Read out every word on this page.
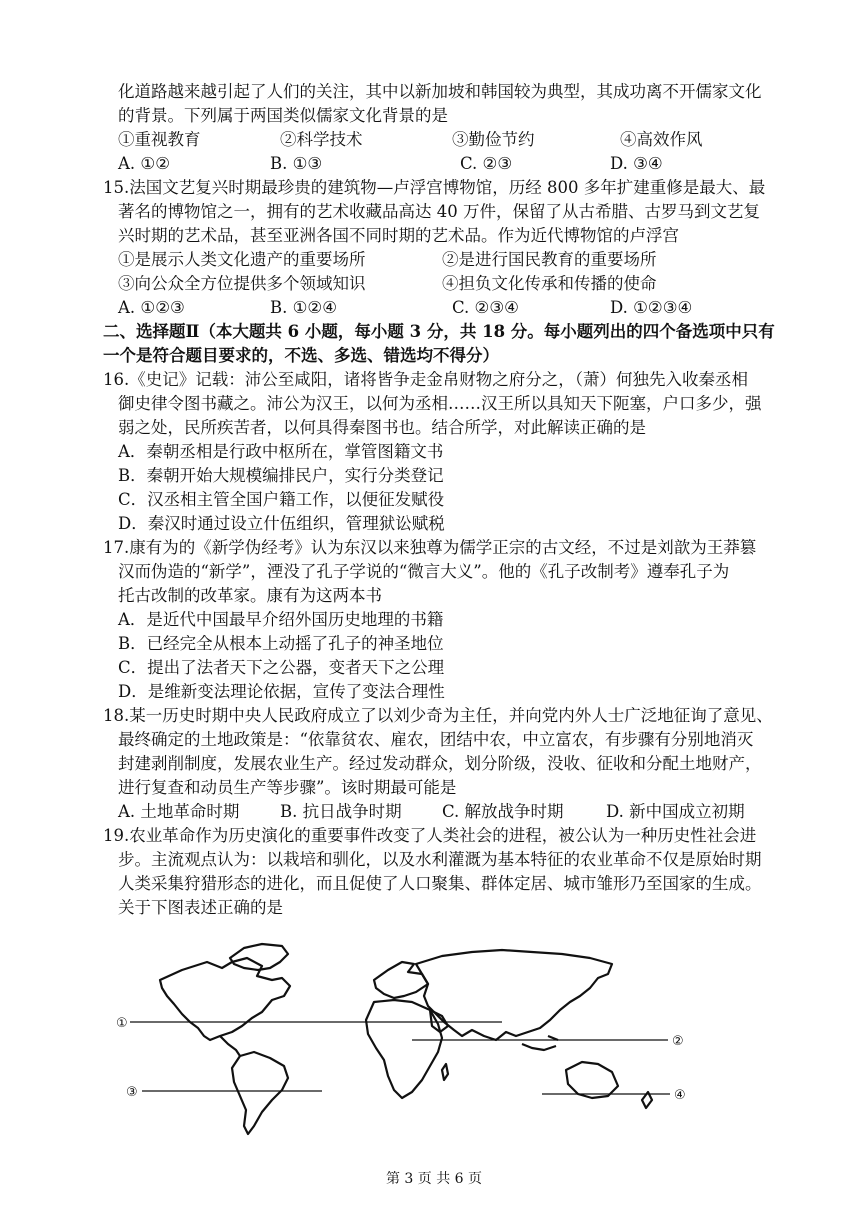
化道路越来越引起了人们的关注，其中以新加坡和韩国较为典型，其成功离不开儒家文化
的背景。下列属于两国类似儒家文化背景的是
①重视教育	②科学技术	③勤俭节约	④高效作风
A. ①②	B. ①③	C. ②③	D. ③④
15.法国文艺复兴时期最珍贵的建筑物—卢浮宫博物馆，历经 800 多年扩建重修是最大、最
著名的博物馆之一，拥有的艺术收藏品高达 40 万件，保留了从古希腊、古罗马到文艺复
兴时期的艺术品，甚至亚洲各国不同时期的艺术品。作为近代博物馆的卢浮宫
①是展示人类文化遗产的重要场所	②是进行国民教育的重要场所
③向公众全方位提供多个领域知识	④担负文化传承和传播的使命
A. ①②③	B. ①②④	C. ②③④	D. ①②③④
二、选择题Ⅱ（本大题共 6 小题，每小题 3 分，共 18 分。每小题列出的四个备选项中只有
一个是符合题目要求的，不选、多选、错选均不得分）
16.《史记》记载：沛公至咸阳，诸将皆争走金帛财物之府分之，（萧）何独先入收秦丞相
御史律令图书藏之。沛公为汉王，以何为丞相……汉王所以具知天下阨塞，户口多少，强
弱之处，民所疾苦者，以何具得秦图书也。结合所学，对此解读正确的是
A．秦朝丞相是行政中枢所在，掌管图籍文书
B．秦朝开始大规模编排民户，实行分类登记
C．汉丞相主管全国户籍工作，以便征发赋役
D．秦汉时通过设立什伍组织，管理狱讼赋税
17.康有为的《新学伪经考》认为东汉以来独尊为儒学正宗的古文经，不过是刘歆为王莽篡
汉而伪造的“新学”，湮没了孔子学说的“微言大义”。他的《孔子改制考》遵奉孔子为
托古改制的改革家。康有为这两本书
A．是近代中国最早介绍外国历史地理的书籍
B．已经完全从根本上动摇了孔子的神圣地位
C．提出了法者天下之公器，变者天下之公理
D．是维新变法理论依据，宣传了变法合理性
18.某一历史时期中央人民政府成立了以刘少奇为主任，并向党内外人士广泛地征询了意见、
最终确定的土地政策是：“依靠贫农、雇农，团结中农，中立富农，有步骤有分别地消灭
封建剥削制度，发展农业生产。经过发动群众，划分阶级，没收、征收和分配土地财产，
进行复查和动员生产等步骤”。该时期最可能是
A. 土地革命时期 B. 抗日战争时期 C. 解放战争时期	D. 新中国成立初期
19.农业革命作为历史演化的重要事件改变了人类社会的进程，被公认为一种历史性社会进
步。主流观点认为：以栽培和驯化，以及水利灌溉为基本特征的农业革命不仅是原始时期
人类采集狩猎形态的进化，而且促使了人口聚集、群体定居、城市雏形乃至国家的生成。
关于下图表述正确的是
①
②
③	④
第 3 页 共 6 页
